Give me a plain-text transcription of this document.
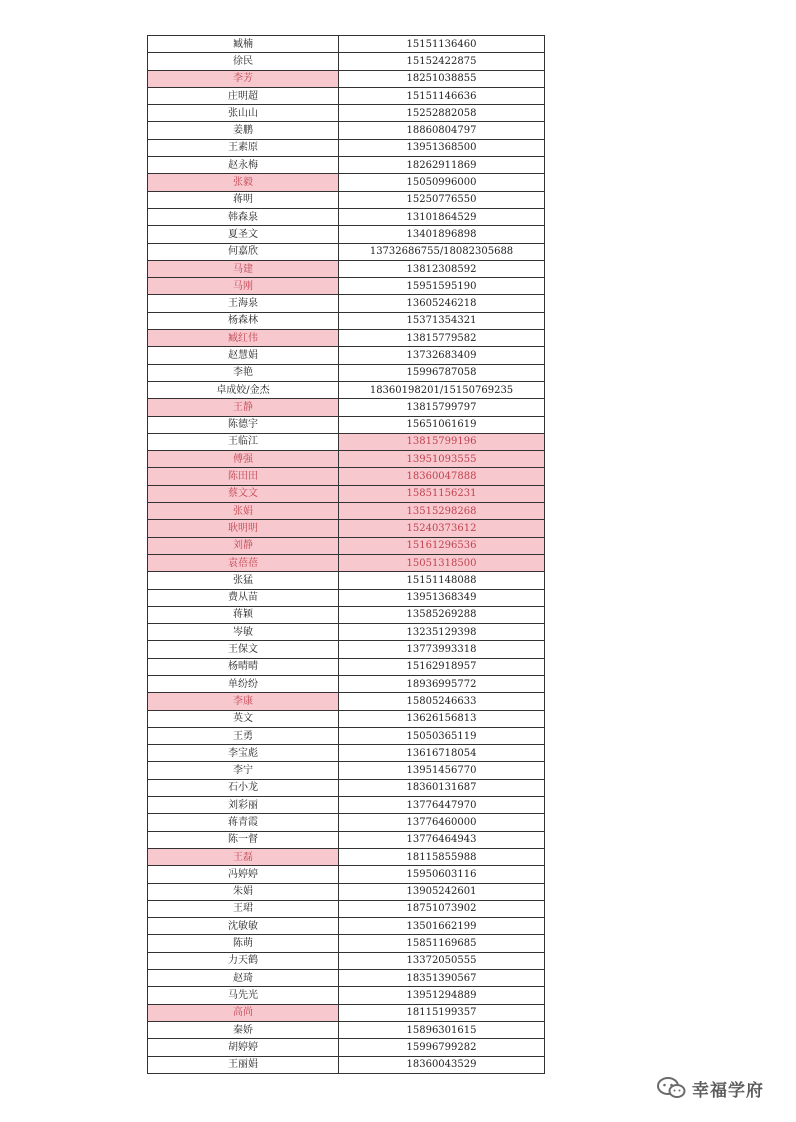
臧楠	15151136460
徐民	15152422875
李芳	18251038855
庄明超	15151146636
张山山	15252882058
姜鹏	18860804797
王素原	13951368500
赵永梅	18262911869
张毅	15050996000
蒋明	15250776550
韩森泉	13101864529
夏圣文	13401896898
何嘉欣	13732686755/18082305688
马建	13812308592
马刚	15951595190
王海泉	13605246218
杨森林	15371354321
臧红伟	13815779582
赵慧娟	13732683409
李艳	15996787058
卓成姣/金杰	18360198201/15150769235
王静	13815799797
陈德宇	15651061619
王临江	13815799196
傅强	13951093555
陈田田	18360047888
蔡文文	15851156231
张娟	13515298268
耿明明	15240373612
刘静	15161296536
袁蓓蓓	15051318500
张猛	15151148088
费从苗	13951368349
蒋颖	13585269288
岑敏	13235129398
王保文	13773993318
杨晴晴	15162918957
单纷纷	18936995772
李康	15805246633
英文	13626156813
王勇	15050365119
李宝彪	13616718054
李宁	13951456770
石小龙	18360131687
刘彩丽	13776447970
蒋青霞	13776460000
陈一督	13776464943
王磊	18115855988
冯婷婷	15950603116
朱娟	13905242601
王珺	18751073902
沈敏敏	13501662199
陈萌	15851169685
力天鹤	13372050555
赵琦	18351390567
马先光	13951294889
高尚	18115199357
秦娇	15896301615
胡婷婷	15996799282
王丽娟	18360043529
幸福学府
